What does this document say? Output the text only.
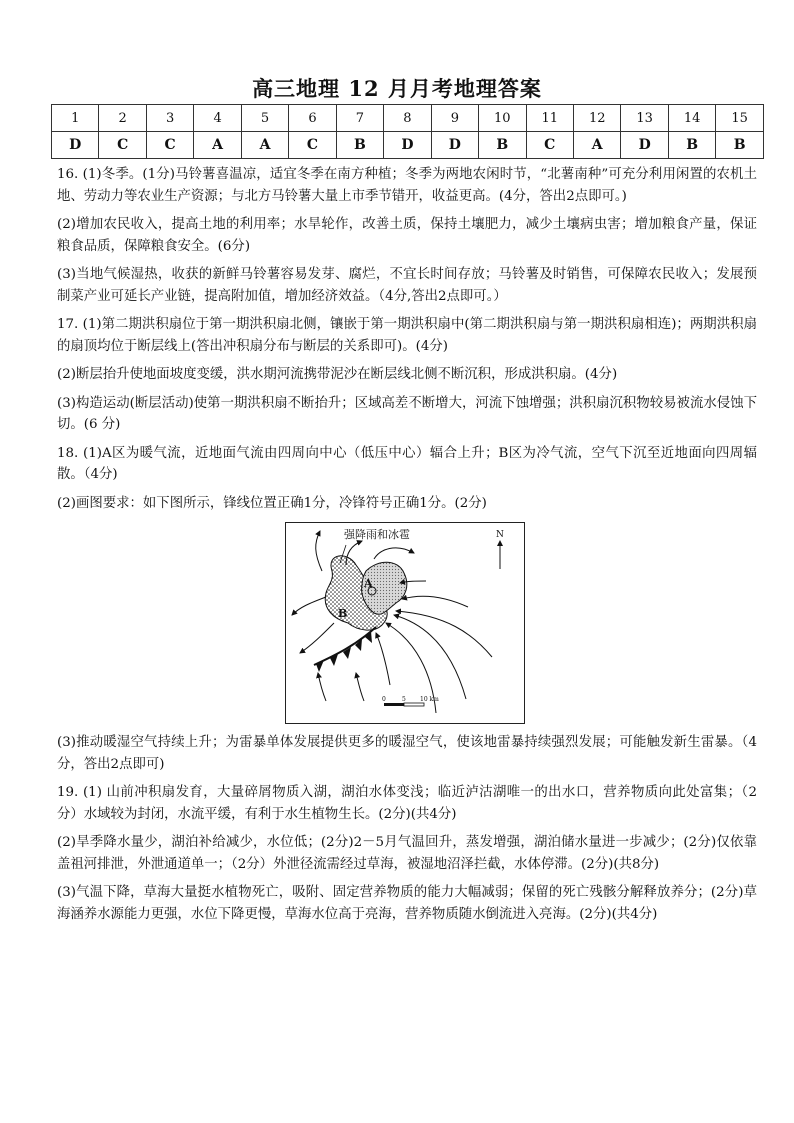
高三地理 12 月月考地理答案
1	2	3	4	5	6	7	8	9	10	11	12	13	14	15
D	C	C	A	A	C	B	D	D	B	C	A	D	B	B

16. (1)冬季。(1分)马铃薯喜温凉，适宜冬季在南方种植；冬季为两地农闲时节，“北薯南种”可充分利用闲置的农机土地、劳动力等农业生产资源；与北方马铃薯大量上市季节错开，收益更高。(4分，答出2点即可。)

(2)增加农民收入，提高土地的利用率；水旱轮作，改善土质，保持土壤肥力，减少土壤病虫害；增加粮食产量，保证粮食品质，保障粮食安全。(6分)

(3)当地气候湿热，收获的新鲜马铃薯容易发芽、腐烂，不宜长时间存放；马铃薯及时销售，可保障农民收入；发展预制菜产业可延长产业链，提高附加值，增加经济效益。（4分,答出2点即可。）

17. (1)第二期洪积扇位于第一期洪积扇北侧，镶嵌于第一期洪积扇中(第二期洪积扇与第一期洪积扇相连)；两期洪积扇的扇顶均位于断层线上(答出冲积扇分布与断层的关系即可)。(4分)

(2)断层抬升使地面坡度变缓，洪水期河流携带泥沙在断层线北侧不断沉积，形成洪积扇。(4分)

(3)构造运动(断层活动)使第一期洪积扇不断抬升；区域高差不断增大，河流下蚀增强；洪积扇沉积物较易被流水侵蚀下切。(6 分)

18. (1)A区为暖气流，近地面气流由四周向中心（低压中心）辐合上升；B区为冷气流，空气下沉至近地面向四周辐散。（4分)

(2)画图要求：如下图所示，锋线位置正确1分，冷锋符号正确1分。(2分)

强降雨和冰雹
A
B
N
0	5 10 km

(3)推动暖湿空气持续上升；为雷暴单体发展提供更多的暖湿空气，使该地雷暴持续强烈发展；可能触发新生雷暴。（4分，答出2点即可)

19. (1) 山前冲积扇发育，大量碎屑物质入湖，湖泊水体变浅；临近泸沽湖唯一的出水口，营养物质向此处富集；（2 分）水域较为封闭，水流平缓，有利于水生植物生长。(2分)(共4分)

(2)旱季降水量少，湖泊补给减少，水位低；(2分)2－5月气温回升，蒸发增强，湖泊储水量进一步减少；(2分)仅依靠盖祖河排泄，外泄通道单一；（2分）外泄径流需经过草海，被湿地沼泽拦截，水体停滞。(2分)(共8分)

(3)气温下降，草海大量挺水植物死亡，吸附、固定营养物质的能力大幅减弱；保留的死亡残骸分解释放养分；(2分)草海涵养水源能力更强，水位下降更慢，草海水位高于亮海，营养物质随水倒流进入亮海。(2分)(共4分)
